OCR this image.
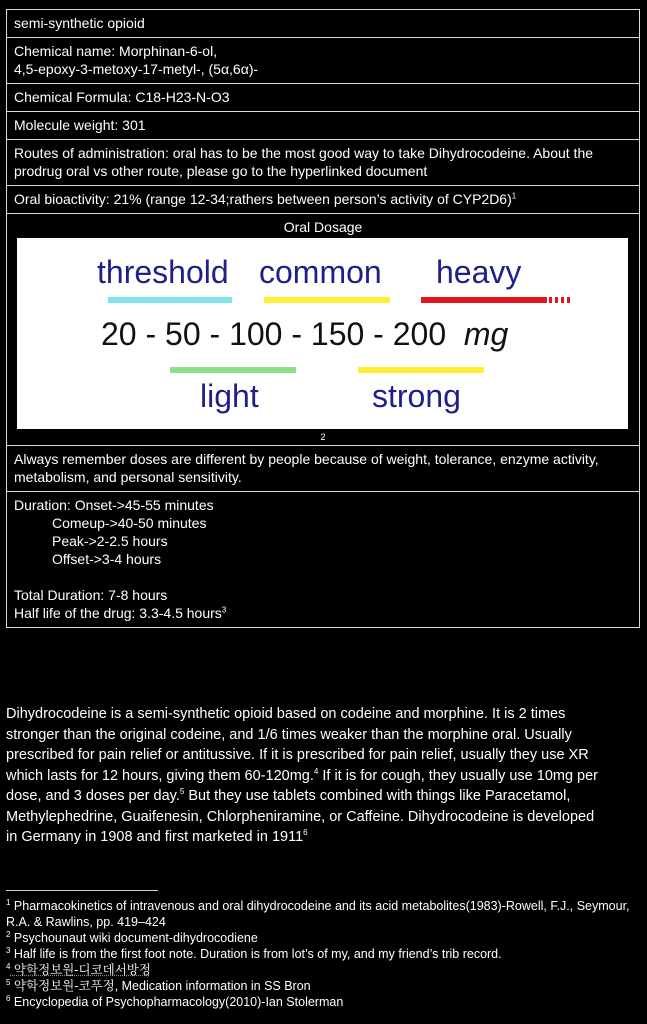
semi-synthetic opioid
Chemical name: Morphinan-6-ol,
4,5-epoxy-3-metoxy-17-metyl-, (5α,6α)-
Chemical Formula: C18-H23-N-O3
Molecule weight: 301
Routes of administration: oral has to be the most good way to take Dihydrocodeine. About the prodrug oral vs other route, please go to the hyperlinked document
Oral bioactivity: 21% (range 12-34;rathers between person’s activity of CYP2D6)$^1$
Oral Dosage
threshold common heavy
20 - 50 - 100 - 150 - 200 mg
light	strong
2
Always remember doses are different by people because of weight, tolerance, enzyme activity, metabolism, and personal sensitivity.
Duration: Onset->45-55 minutes
Comeup->40-50 minutes
Peak->2-2.5 hours
Offset->3-4 hours
Total Duration: 7-8 hours
Half life of the drug: 3.3-4.5 hours$^3$
Dihydrocodeine is a semi-synthetic opioid based on codeine and morphine. It is 2 times stronger than the original codeine, and 1/6 times weaker than the morphine oral. Usually prescribed for pain relief or antitussive. If it is prescribed for pain relief, usually they use XR which lasts for 12 hours, giving them 60-120mg.$^4$ If it is for cough, they usually use 10mg per dose, and 3 doses per day.$^5$ But they use tablets combined with things like Paracetamol, Methylephedrine, Guaifenesin, Chlorpheniramine, or Caffeine. Dihydrocodeine is developed in Germany in 1908 and first marketed in 1911$^6$
$^1$ Pharmacokinetics of intravenous and oral dihydrocodeine and its acid metabolites(1983)-Rowell, F.J., Seymour, R.A. & Rawlins, pp. 419–424
$^2$ Psychounaut wiki document-dihydrocodiene
$^3$ Half life is from the first foot note. Duration is from lot’s of my, and my friend’s trib record.
$^4$ 약학정보원-디코데서방정
$^5$ 약학정보원-코푸정, Medication information in SS Bron
$^6$ Encyclopedia of Psychopharmacology(2010)-Ian Stolerman
